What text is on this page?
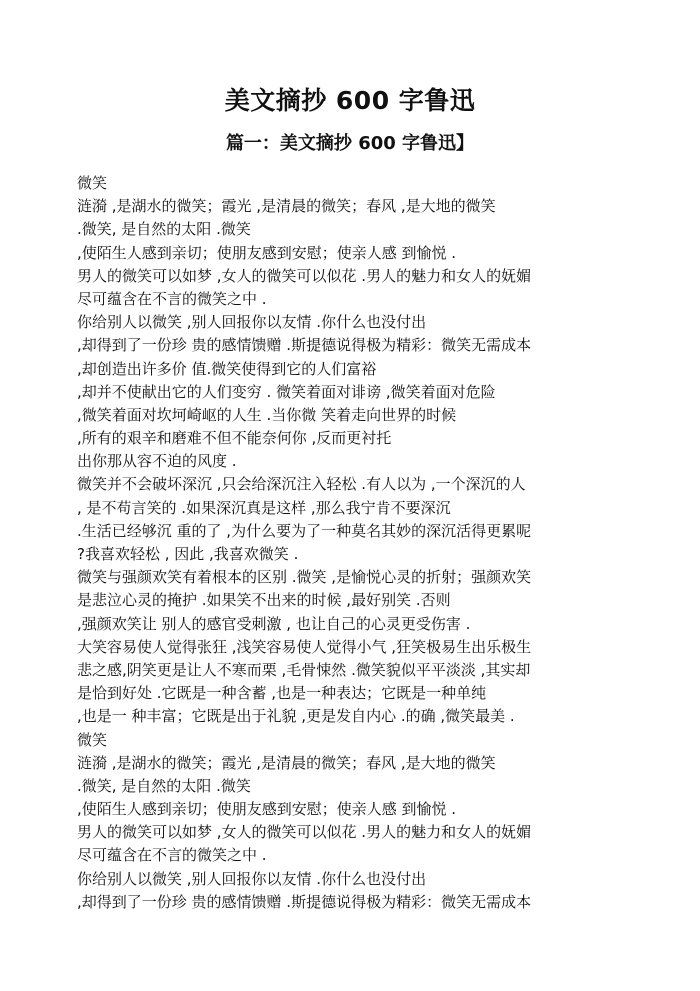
美文摘抄 600 字鲁迅
篇一：美文摘抄 600 字鲁迅】
微笑
涟漪 ,是湖水的微笑；霞光 ,是清晨的微笑；春风 ,是大地的微笑
.微笑, 是自然的太阳 .微笑
,使陌生人感到亲切；使朋友感到安慰；使亲人感 到愉悦 .
男人的微笑可以如梦 ,女人的微笑可以似花 .男人的魅力和女人的妩媚
尽可蕴含在不言的微笑之中 .
你给别人以微笑 ,别人回报你以友情 .你什么也没付出
,却得到了一份珍 贵的感情馈赠 .斯提德说得极为精彩：微笑无需成本
,却创造出许多价 值.微笑使得到它的人们富裕
,却并不使献出它的人们变穷 . 微笑着面对诽谤 ,微笑着面对危险
,微笑着面对坎坷崎岖的人生 .当你微 笑着走向世界的时候
,所有的艰辛和磨难不但不能奈何你 ,反而更衬托
出你那从容不迫的风度 .
微笑并不会破坏深沉 ,只会给深沉注入轻松 .有人以为 ,一个深沉的人
, 是不苟言笑的 .如果深沉真是这样 ,那么我宁肯不要深沉
.生活已经够沉 重的了 ,为什么要为了一种莫名其妙的深沉活得更累呢
?我喜欢轻松 , 因此 ,我喜欢微笑 .
微笑与强颜欢笑有着根本的区别 .微笑 ,是愉悦心灵的折射；强颜欢笑
是悲泣心灵的掩护 .如果笑不出来的时候 ,最好别笑 .否则
,强颜欢笑让 别人的感官受刺激 , 也让自己的心灵更受伤害 .
大笑容易使人觉得张狂 ,浅笑容易使人觉得小气 ,狂笑极易生出乐极生
悲之感,阴笑更是让人不寒而栗 ,毛骨悚然 .微笑貌似平平淡淡 ,其实却
是恰到好处 .它既是一种含蓄 ,也是一种表达；它既是一种单纯
,也是一 种丰富；它既是出于礼貌 ,更是发自内心 .的确 ,微笑最美 .
微笑
涟漪 ,是湖水的微笑；霞光 ,是清晨的微笑；春风 ,是大地的微笑
.微笑, 是自然的太阳 .微笑
,使陌生人感到亲切；使朋友感到安慰；使亲人感 到愉悦 .
男人的微笑可以如梦 ,女人的微笑可以似花 .男人的魅力和女人的妩媚
尽可蕴含在不言的微笑之中 .
你给别人以微笑 ,别人回报你以友情 .你什么也没付出
,却得到了一份珍 贵的感情馈赠 .斯提德说得极为精彩：微笑无需成本
